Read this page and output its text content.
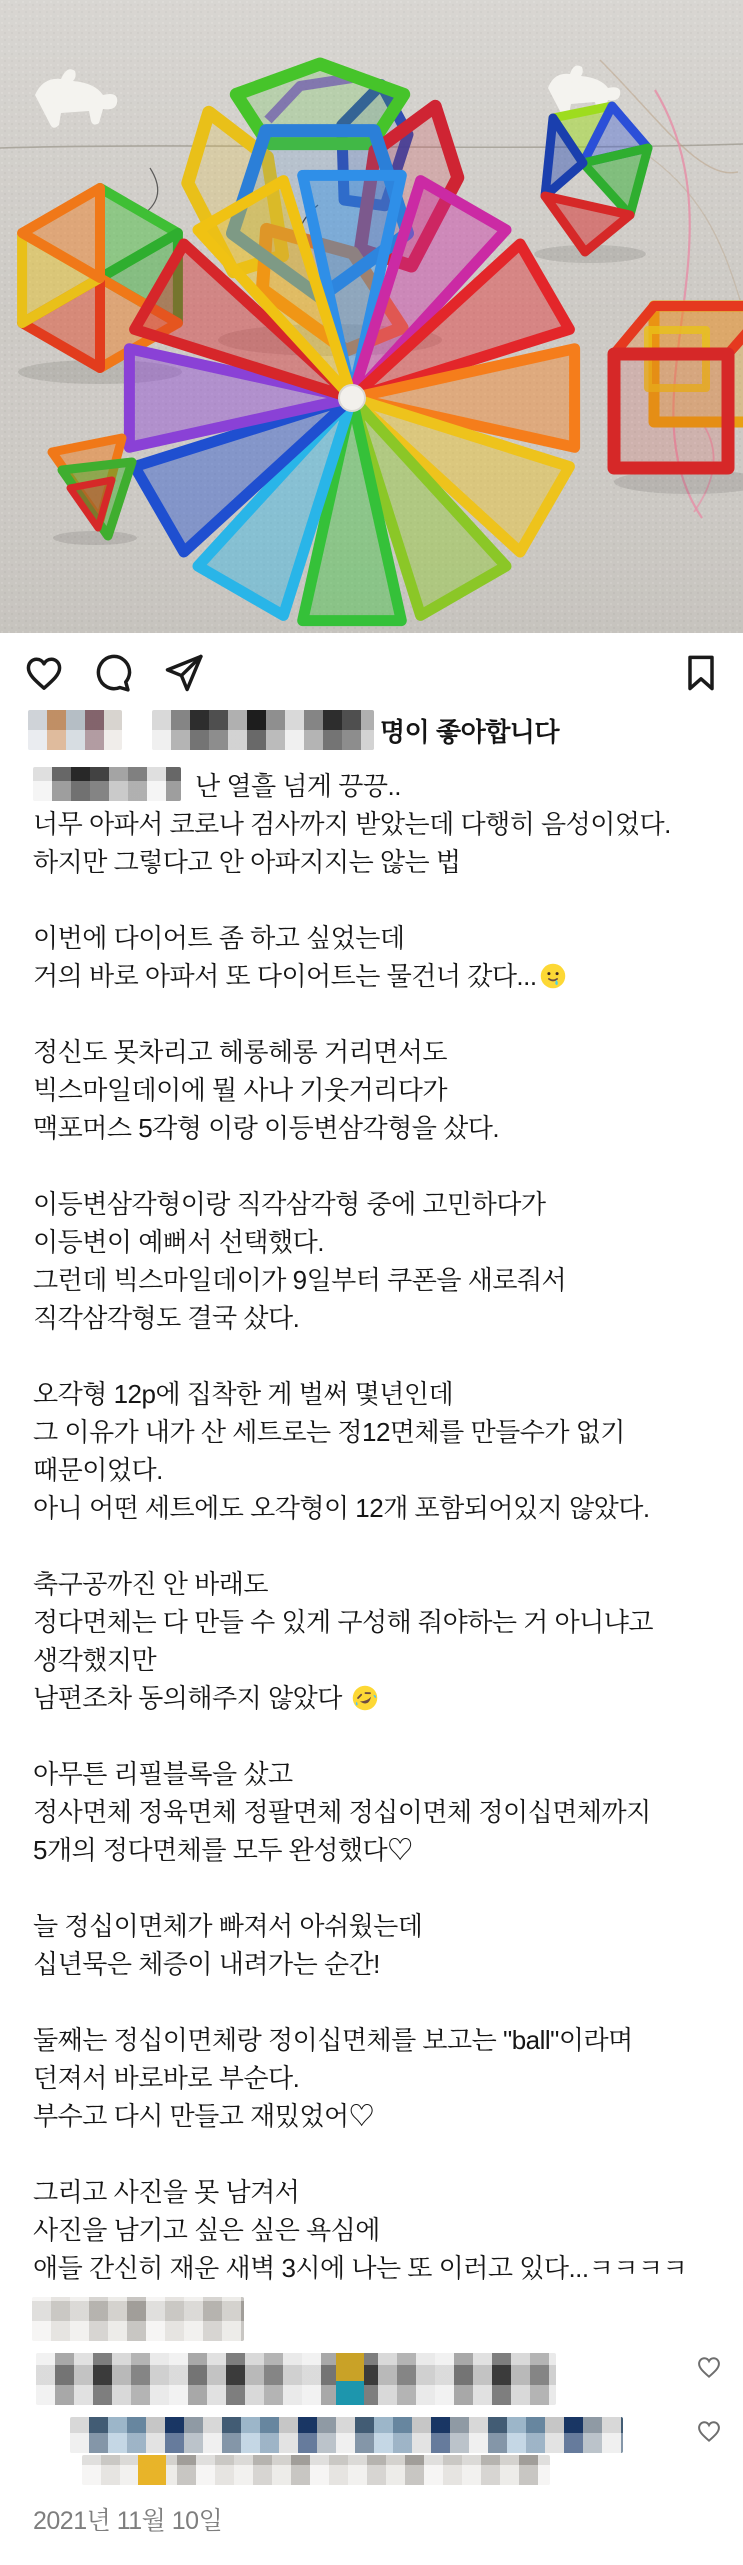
명이 좋아합니다
난 열흘 넘게 끙끙..
너무 아파서 코로나 검사까지 받았는데 다행히 음성이었다.
하지만 그렇다고 안 아파지지는 않는 법

이번에 다이어트 좀 하고 싶었는데
거의 바로 아파서 또 다이어트는 물건너 갔다...

정신도 못차리고 헤롱헤롱 거리면서도
빅스마일데이에 뭘 사나 기웃거리다가
맥포머스 5각형 이랑 이등변삼각형을 샀다.

이등변삼각형이랑 직각삼각형 중에 고민하다가
이등변이 예뻐서 선택했다.
그런데 빅스마일데이가 9일부터 쿠폰을 새로줘서
직각삼각형도 결국 샀다.

오각형 12p에 집착한 게 벌써 몇년인데
그 이유가 내가 산 세트로는 정12면체를 만들수가 없기
때문이었다.
아니 어떤 세트에도 오각형이 12개 포함되어있지 않았다.

축구공까진 안 바래도
정다면체는 다 만들 수 있게 구성해 줘야하는 거 아니냐고
생각했지만
남편조차 동의해주지 않았다

아무튼 리필블록을 샀고
정사면체 정육면체 정팔면체 정십이면체 정이십면체까지
5개의 정다면체를 모두 완성했다♡

늘 정십이면체가 빠져서 아쉬웠는데
십년묵은 체증이 내려가는 순간!

둘째는 정십이면체랑 정이십면체를 보고는 "ball"이라며
던져서 바로바로 부순다.
부수고 다시 만들고 재밌었어♡

그리고 사진을 못 남겨서
사진을 남기고 싶은 싶은 욕심에
애들 간신히 재운 새벽 3시에 나는 또 이러고 있다...ㅋㅋㅋㅋ
2021년 11월 10일
